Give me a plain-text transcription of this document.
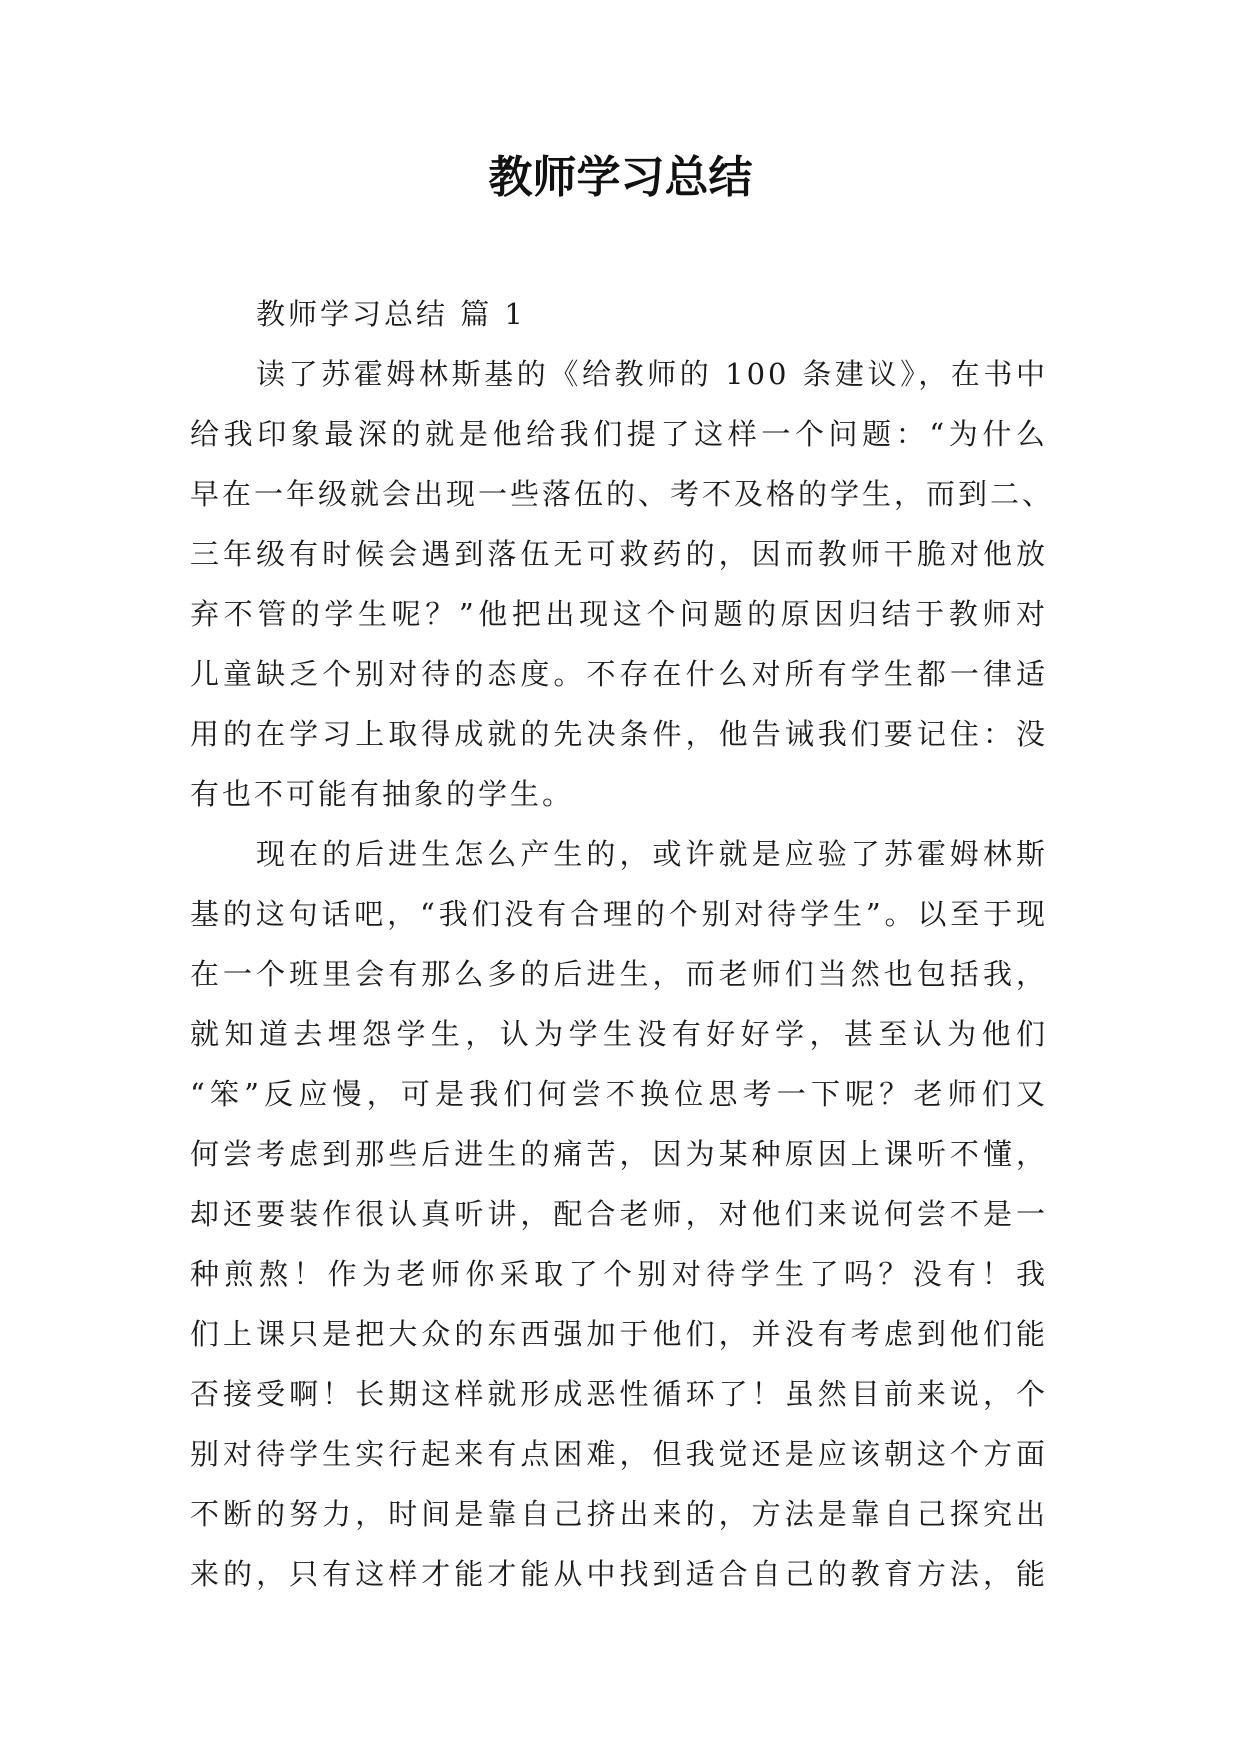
教师学习总结

教师学习总结 篇 1

读了苏霍姆林斯基的《给教师的 100 条建议》，在书中

给我印象最深的就是他给我们提了这样一个问题：“为什么

早在一年级就会出现一些落伍的、考不及格的学生，而到二、

三年级有时候会遇到落伍无可救药的，因而教师干脆对他放

弃不管的学生呢？”他把出现这个问题的原因归结于教师对

儿童缺乏个别对待的态度。不存在什么对所有学生都一律适

用的在学习上取得成就的先决条件，他告诫我们要记住：没

有也不可能有抽象的学生。

现在的后进生怎么产生的，或许就是应验了苏霍姆林斯

基的这句话吧，“我们没有合理的个别对待学生”。以至于现

在一个班里会有那么多的后进生，而老师们当然也包括我，

就知道去埋怨学生，认为学生没有好好学，甚至认为他们

“笨”反应慢，可是我们何尝不换位思考一下呢？老师们又

何尝考虑到那些后进生的痛苦，因为某种原因上课听不懂，

却还要装作很认真听讲，配合老师，对他们来说何尝不是一

种煎熬！作为老师你采取了个别对待学生了吗？没有！我

们上课只是把大众的东西强加于他们，并没有考虑到他们能

否接受啊！长期这样就形成恶性循环了！虽然目前来说，个

别对待学生实行起来有点困难，但我觉还是应该朝这个方面

不断的努力，时间是靠自己挤出来的，方法是靠自己探究出

来的，只有这样才能才能从中找到适合自己的教育方法，能
